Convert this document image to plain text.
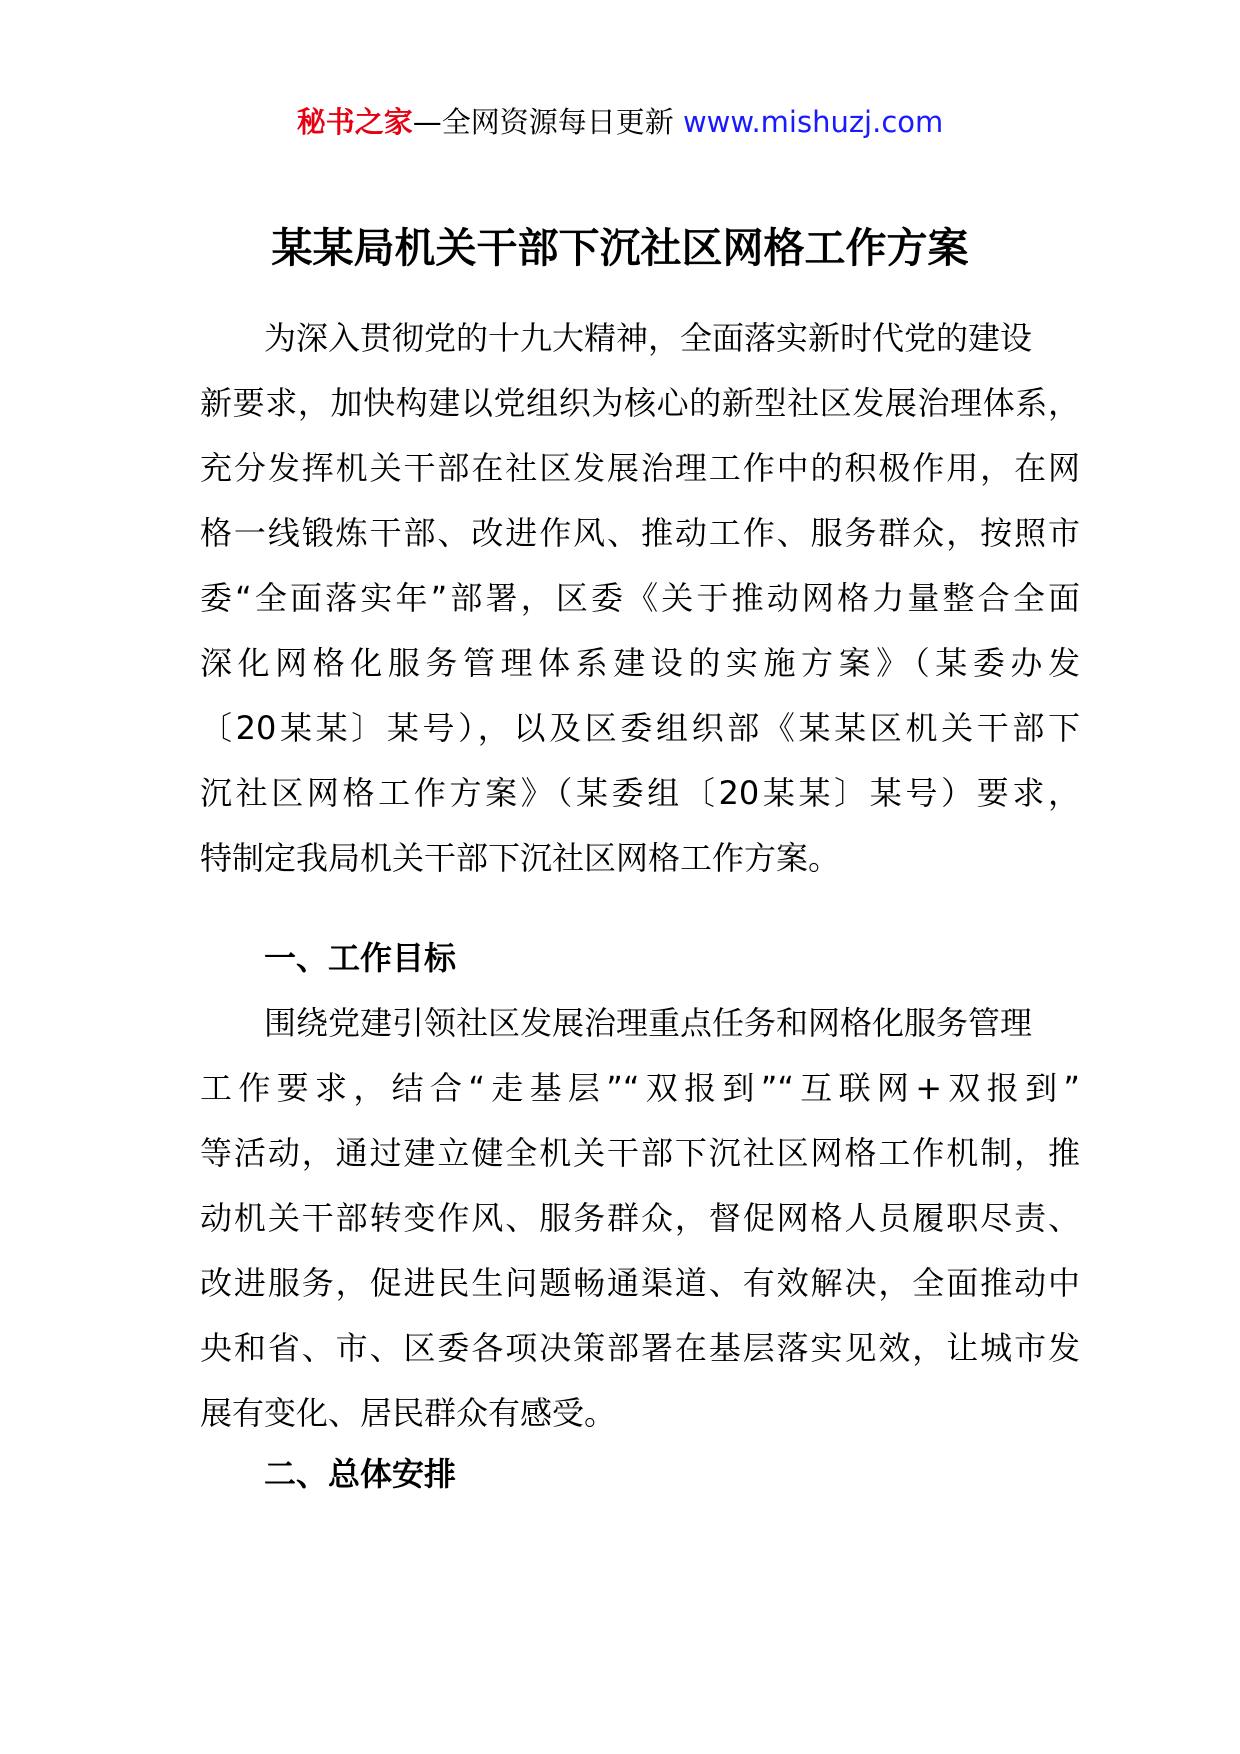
秘书之家—全网资源每日更新 www.mishuzj.com
某某局机关干部下沉社区网格工作方案
为深入贯彻党的十九大精神，全面落实新时代党的建设
新要求，加快构建以党组织为核心的新型社区发展治理体系，
充分发挥机关干部在社区发展治理工作中的积极作用，在网
格一线锻炼干部、改进作风、推动工作、服务群众，按照市
委“全面落实年”部署，区委《关于推动网格力量整合全面
深化网格化服务管理体系建设的实施方案》（某委办发
〔20某某〕某号），以及区委组织部《某某区机关干部下
沉社区网格工作方案》（某委组〔20某某〕某号）要求，
特制定我局机关干部下沉社区网格工作方案。
一、工作目标
围绕党建引领社区发展治理重点任务和网格化服务管理
工作要求，结合“走基层”“双报到”“互联网+双报到”
等活动，通过建立健全机关干部下沉社区网格工作机制，推
动机关干部转变作风、服务群众，督促网格人员履职尽责、
改进服务，促进民生问题畅通渠道、有效解决，全面推动中
央和省、市、区委各项决策部署在基层落实见效，让城市发
展有变化、居民群众有感受。
二、总体安排
